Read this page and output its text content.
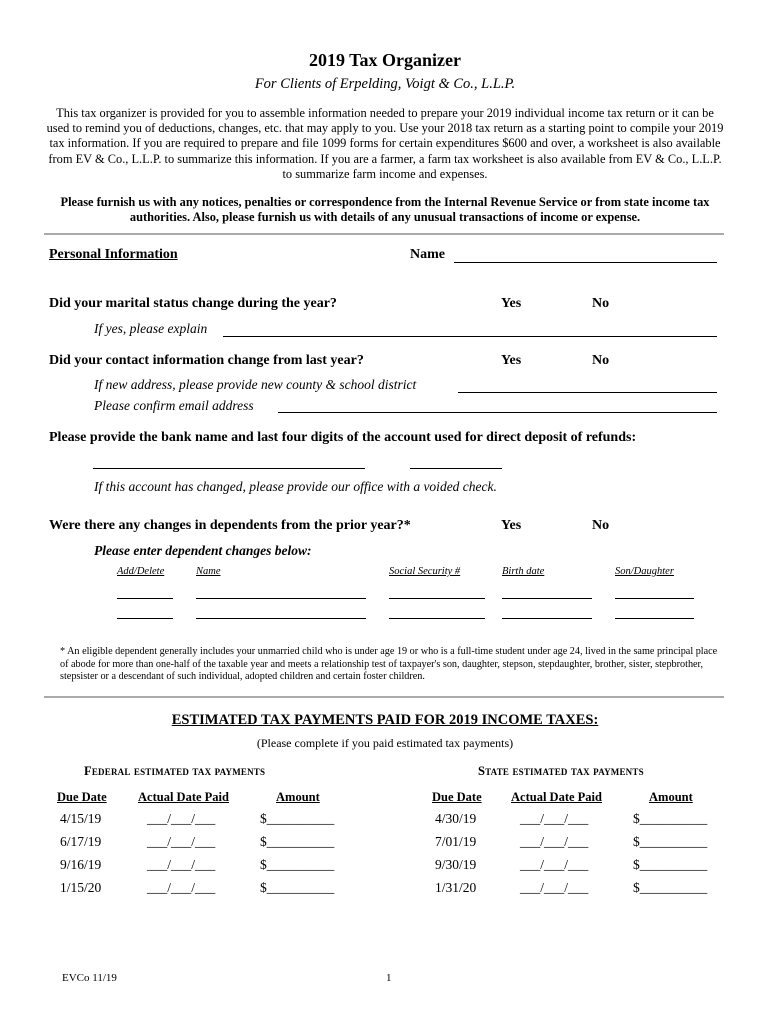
2019 Tax Organizer
For Clients of Erpelding, Voigt & Co., L.L.P.
This tax organizer is provided for you to assemble information needed to prepare your 2019 individual income tax return or it can be used to remind you of deductions, changes, etc. that may apply to you. Use your 2018 tax return as a starting point to compile your 2019 tax information. If you are required to prepare and file 1099 forms for certain expenditures $600 and over, a worksheet is also available from EV & Co., L.L.P. to summarize this information. If you are a farmer, a farm tax worksheet is also available from EV & Co., L.L.P. to summarize farm income and expenses.
Please furnish us with any notices, penalties or correspondence from the Internal Revenue Service or from state income tax authorities. Also, please furnish us with details of any unusual transactions of income or expense.
Personal Information	Name
Did your marital status change during the year?	Yes	No
If yes, please explain
Did your contact information change from last year?	Yes	No
If new address, please provide new county & school district
Please confirm email address
Please provide the bank name and last four digits of the account used for direct deposit of refunds:
If this account has changed, please provide our office with a voided check.
Were there any changes in dependents from the prior year?*	Yes	No
Please enter dependent changes below:
Add/Delete	Name	Social Security #	Birth date	Son/Daughter
* An eligible dependent generally includes your unmarried child who is under age 19 or who is a full-time student under age 24, lived in the same principal place of abode for more than one-half of the taxable year and meets a relationship test of taxpayer's son, daughter, stepson, stepdaughter, brother, sister, stepbrother, stepsister or a descendant of such individual, adopted children and certain foster children.
ESTIMATED TAX PAYMENTS PAID FOR 2019 INCOME TAXES:
(Please complete if you paid estimated tax payments)
Federal estimated tax payments	State estimated tax payments
Due Date	Actual Date Paid	Amount	Due Date Actual Date Paid	Amount
4/15/19	___/___/___	$__________
6/17/19	___/___/___	$__________
9/16/19	___/___/___	$__________
1/15/20	___/___/___	$__________
4/30/19	___/___/___	$__________
7/01/19	___/___/___	$__________
9/30/19	___/___/___	$__________
1/31/20	___/___/___	$__________
EVCo 11/19	1
